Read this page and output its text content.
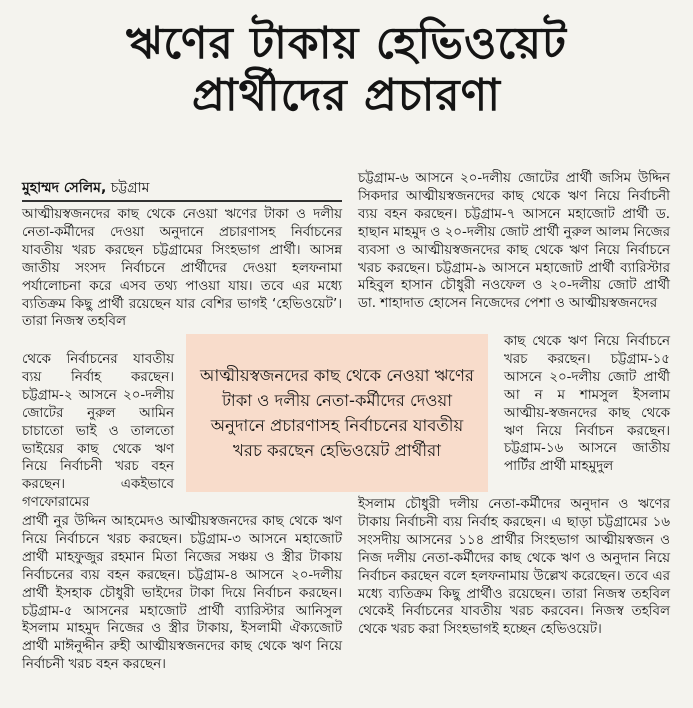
ঋণের টাকায় হেভিওয়েট
প্রার্থীদের প্রচারণা
মুহাম্মদ সেলিম, চট্টগ্রাম

আত্মীয়স্বজনদের কাছ থেকে নেওয়া ঋণের টাকা ও দলীয় নেতা-কর্মীদের দেওয়া অনুদানে প্রচারণাসহ নির্বাচনের যাবতীয় খরচ করছেন চট্টগ্রামের সিংহভাগ প্রার্থী। আসন্ন জাতীয় সংসদ নির্বাচনে প্রার্থীদের দেওয়া হলফনামা পর্যালোচনা করে এসব তথ্য পাওয়া যায়। তবে এর মধ্যে ব্যতিক্রম কিছু প্রার্থী রয়েছেন যার বেশির ভাগই ‘হেভিওয়েট’। তারা নিজস্ব তহবিল

থেকে নির্বাচনের যাবতীয় ব্যয় নির্বাহ করছেন। চট্টগ্রাম-২ আসনে ২০-দলীয় জোটের নুরুল আমিন চাচাতো ভাই ও তালতো ভাইয়ের কাছ থেকে ঋণ নিয়ে নির্বাচনী খরচ বহন করছেন। একইভাবে গণফোরামের

প্রার্থী নুর উদ্দিন আহমেদও আত্মীয়স্বজনদের কাছ থেকে ঋণ নিয়ে নির্বাচনে খরচ করছেন। চট্টগ্রাম-৩ আসনে মহাজোট প্রার্থী মাহফুজুর রহমান মিতা নিজের সঞ্চয় ও স্ত্রীর টাকায় নির্বাচনের ব্যয় বহন করছেন। চট্টগ্রাম-৪ আসনে ২০-দলীয় প্রার্থী ইসহাক চৌধুরী ভাইদের টাকা দিয়ে নির্বাচন করছেন। চট্টগ্রাম-৫ আসনের মহাজোট প্রার্থী ব্যারিস্টার আনিসুল ইসলাম মাহমুদ নিজের ও স্ত্রীর টাকায়, ইসলামী ঐক্যজোট প্রার্থী মাঈনুদ্দীন রুহী আত্মীয়স্বজনদের কাছ থেকে ঋণ নিয়ে নির্বাচনী খরচ বহন করছেন।

চট্টগ্রাম-৬ আসনে ২০-দলীয় জোটের প্রার্থী জসিম উদ্দিন সিকদার আত্মীয়স্বজনদের কাছ থেকে ঋণ নিয়ে নির্বাচনী ব্যয় বহন করছেন। চট্টগ্রাম-৭ আসনে মহাজোট প্রার্থী ড. হাছান মাহমুদ ও ২০-দলীয় জোট প্রার্থী নুরুল আলম নিজের ব্যবসা ও আত্মীয়স্বজনদের কাছ থেকে ঋণ নিয়ে নির্বাচনে খরচ করছেন। চট্টগ্রাম-৯ আসনে মহাজোট প্রার্থী ব্যারিস্টার মহিবুল হাসান চৌধুরী নওফেল ও ২০-দলীয় জোট প্রার্থী ডা. শাহাদাত হোসেন নিজেদের পেশা ও আত্মীয়স্বজনদের

কাছ থেকে ঋণ নিয়ে নির্বাচনে খরচ করছেন। চট্টগ্রাম-১৫ আসনে ২০-দলীয় জোট প্রার্থী আ ন ম শামসুল ইসলাম আত্মীয়-স্বজনদের কাছ থেকে ঋণ নিয়ে নির্বাচন করছেন। চট্টগ্রাম-১৬ আসনে জাতীয় পার্টির প্রার্থী মাহমুদুল

ইসলাম চৌধুরী দলীয় নেতা-কর্মীদের অনুদান ও ঋণের টাকায় নির্বাচনী ব্যয় নির্বাহ করছেন। এ ছাড়া চট্টগ্রামের ১৬ সংসদীয় আসনের ১১৪ প্রার্থীর সিংহভাগ আত্মীয়স্বজন ও নিজ দলীয় নেতা-কর্মীদের কাছ থেকে ঋণ ও অনুদান নিয়ে নির্বাচন করছেন বলে হলফনামায় উল্লেখ করেছেন। তবে এর মধ্যে ব্যতিক্রম কিছু প্রার্থীও রয়েছেন। তারা নিজস্ব তহবিল থেকেই নির্বাচনের যাবতীয় খরচ করবেন। নিজস্ব তহবিল থেকে খরচ করা সিংহভাগই হচ্ছেন হেভিওয়েট।

আত্মীয়স্বজনদের কাছ থেকে নেওয়া ঋণের টাকা ও দলীয় নেতা-কর্মীদের দেওয়া অনুদানে প্রচারণাসহ নির্বাচনের যাবতীয় খরচ করছেন হেভিওয়েট প্রার্থীরা
